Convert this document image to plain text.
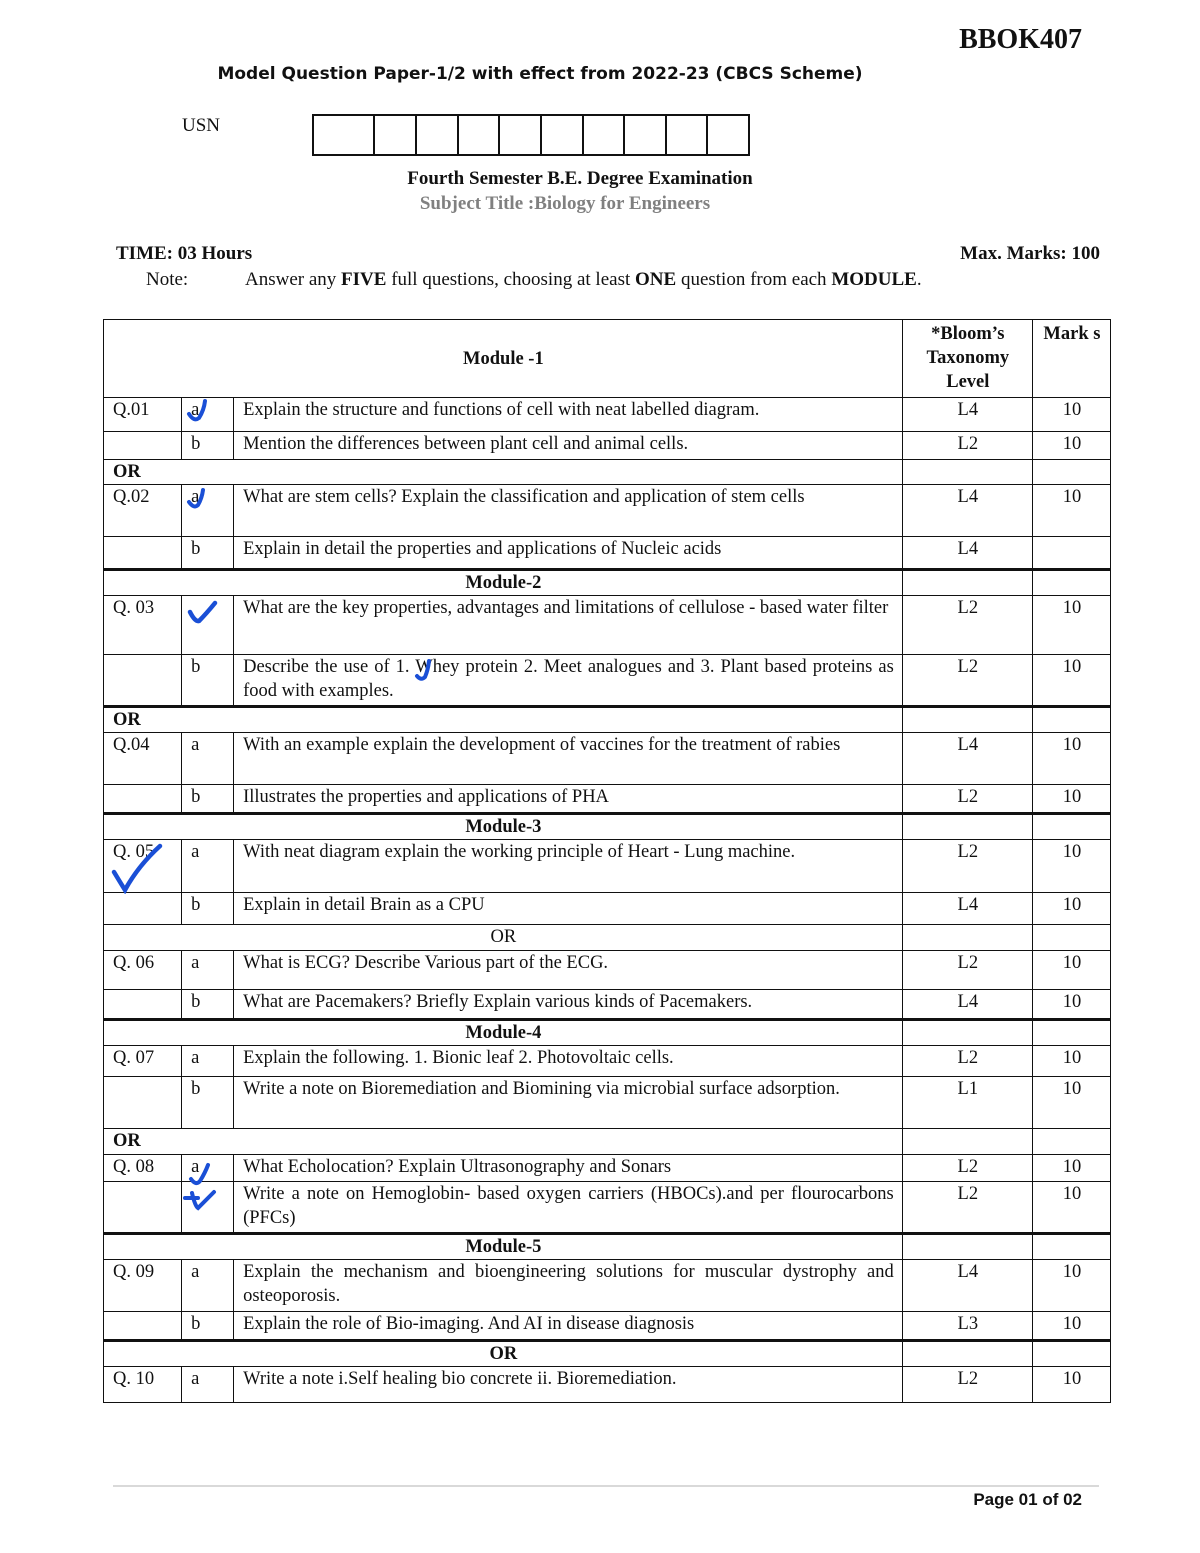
BBOK407
Model Question Paper-1/2 with effect from 2022-23 (CBCS Scheme)
USN
Fourth Semester B.E. Degree Examination
Subject Title :Biology for Engineers
TIME: 03 Hours	Max. Marks: 100
Note:	Answer any FIVE full questions, choosing at least ONE question from each MODULE.
Module -1			*Bloom’s Taxonomy Level	Mark s
Q.01	a	Explain the structure and functions of cell with neat labelled diagram.	L4	10
	b	Mention the differences between plant cell and animal cells.	L2	10
OR				
Q.02	a	What are stem cells? Explain the classification and application of stem cells	L4	10
	b	Explain in detail the properties and applications of Nucleic acids	L4	
Module-2				
Q. 03		What are the key properties, advantages and limitations of cellulose - based water filter	L2	10
	b	Describe the use of 1. Whey protein 2. Meet analogues and 3. Plant based proteins as food with examples.	L2	10
OR				
Q.04	a	With an example explain the development of vaccines for the treatment of rabies	L4	10
	b	Illustrates the properties and applications of PHA	L2	10
Module-3				
Q. 05	a	With neat diagram explain the working principle of Heart - Lung machine.	L2	10
	b	Explain in detail Brain as a CPU	L4	10
OR				
Q. 06	a	What is ECG? Describe Various part of the ECG.	L2	10
	b	What are Pacemakers? Briefly Explain various kinds of Pacemakers.	L4	10
Module-4				
Q. 07	a	Explain the following. 1. Bionic leaf 2. Photovoltaic cells.	L2	10
	b	Write a note on Bioremediation and Biomining via microbial surface adsorption.	L1	10
OR				
Q. 08	a	What Echolocation? Explain Ultrasonography and Sonars	L2	10
		Write a note on Hemoglobin- based oxygen carriers (HBOCs).and per flourocarbons (PFCs)	L2	10
Module-5				
Q. 09	a	Explain the mechanism and bioengineering solutions for muscular dystrophy and osteoporosis.	L4	10
	b	Explain the role of Bio-imaging. And AI in disease diagnosis	L3	10
OR				
Q. 10	a	Write a note i.Self healing bio concrete ii. Bioremediation.	L2	10
Page 01 of 02
